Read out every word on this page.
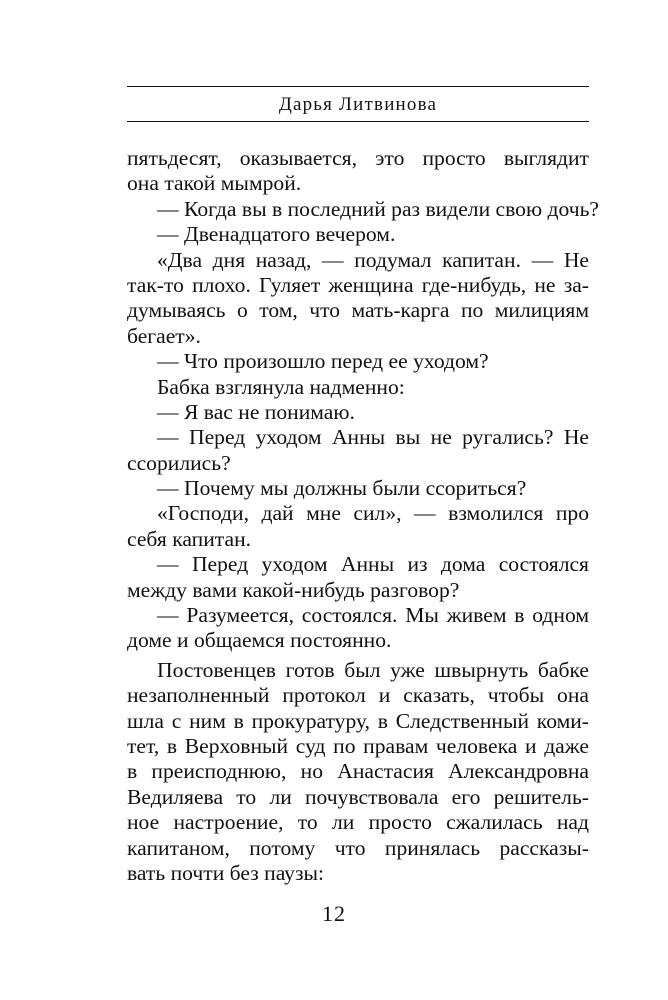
Дарья Литвинова
пятьдесят, оказывается, это просто выглядит
она такой мымрой.
— Когда вы в последний раз видели свою дочь?
— Двенадцатого вечером.
«Два дня назад, — подумал капитан. — Не
так-то плохо. Гуляет женщина где-нибудь, не за-
думываясь о том, что мать-карга по милициям
бегает».
— Что произошло перед ее уходом?
Бабка взглянула надменно:
— Я вас не понимаю.
— Перед уходом Анны вы не ругались? Не
ссорились?
— Почему мы должны были ссориться?
«Господи, дай мне сил», — взмолился про
себя капитан.
— Перед уходом Анны из дома состоялся
между вами какой-нибудь разговор?
— Разумеется, состоялся. Мы живем в одном
доме и общаемся постоянно.
Постовенцев готов был уже швырнуть бабке
незаполненный протокол и сказать, чтобы она
шла с ним в прокуратуру, в Следственный коми-
тет, в Верховный суд по правам человека и даже
в преисподнюю, но Анастасия Александровна
Ведиляева то ли почувствовала его решитель-
ное настроение, то ли просто сжалилась над
капитаном, потому что принялась рассказы-
вать почти без паузы:
12
